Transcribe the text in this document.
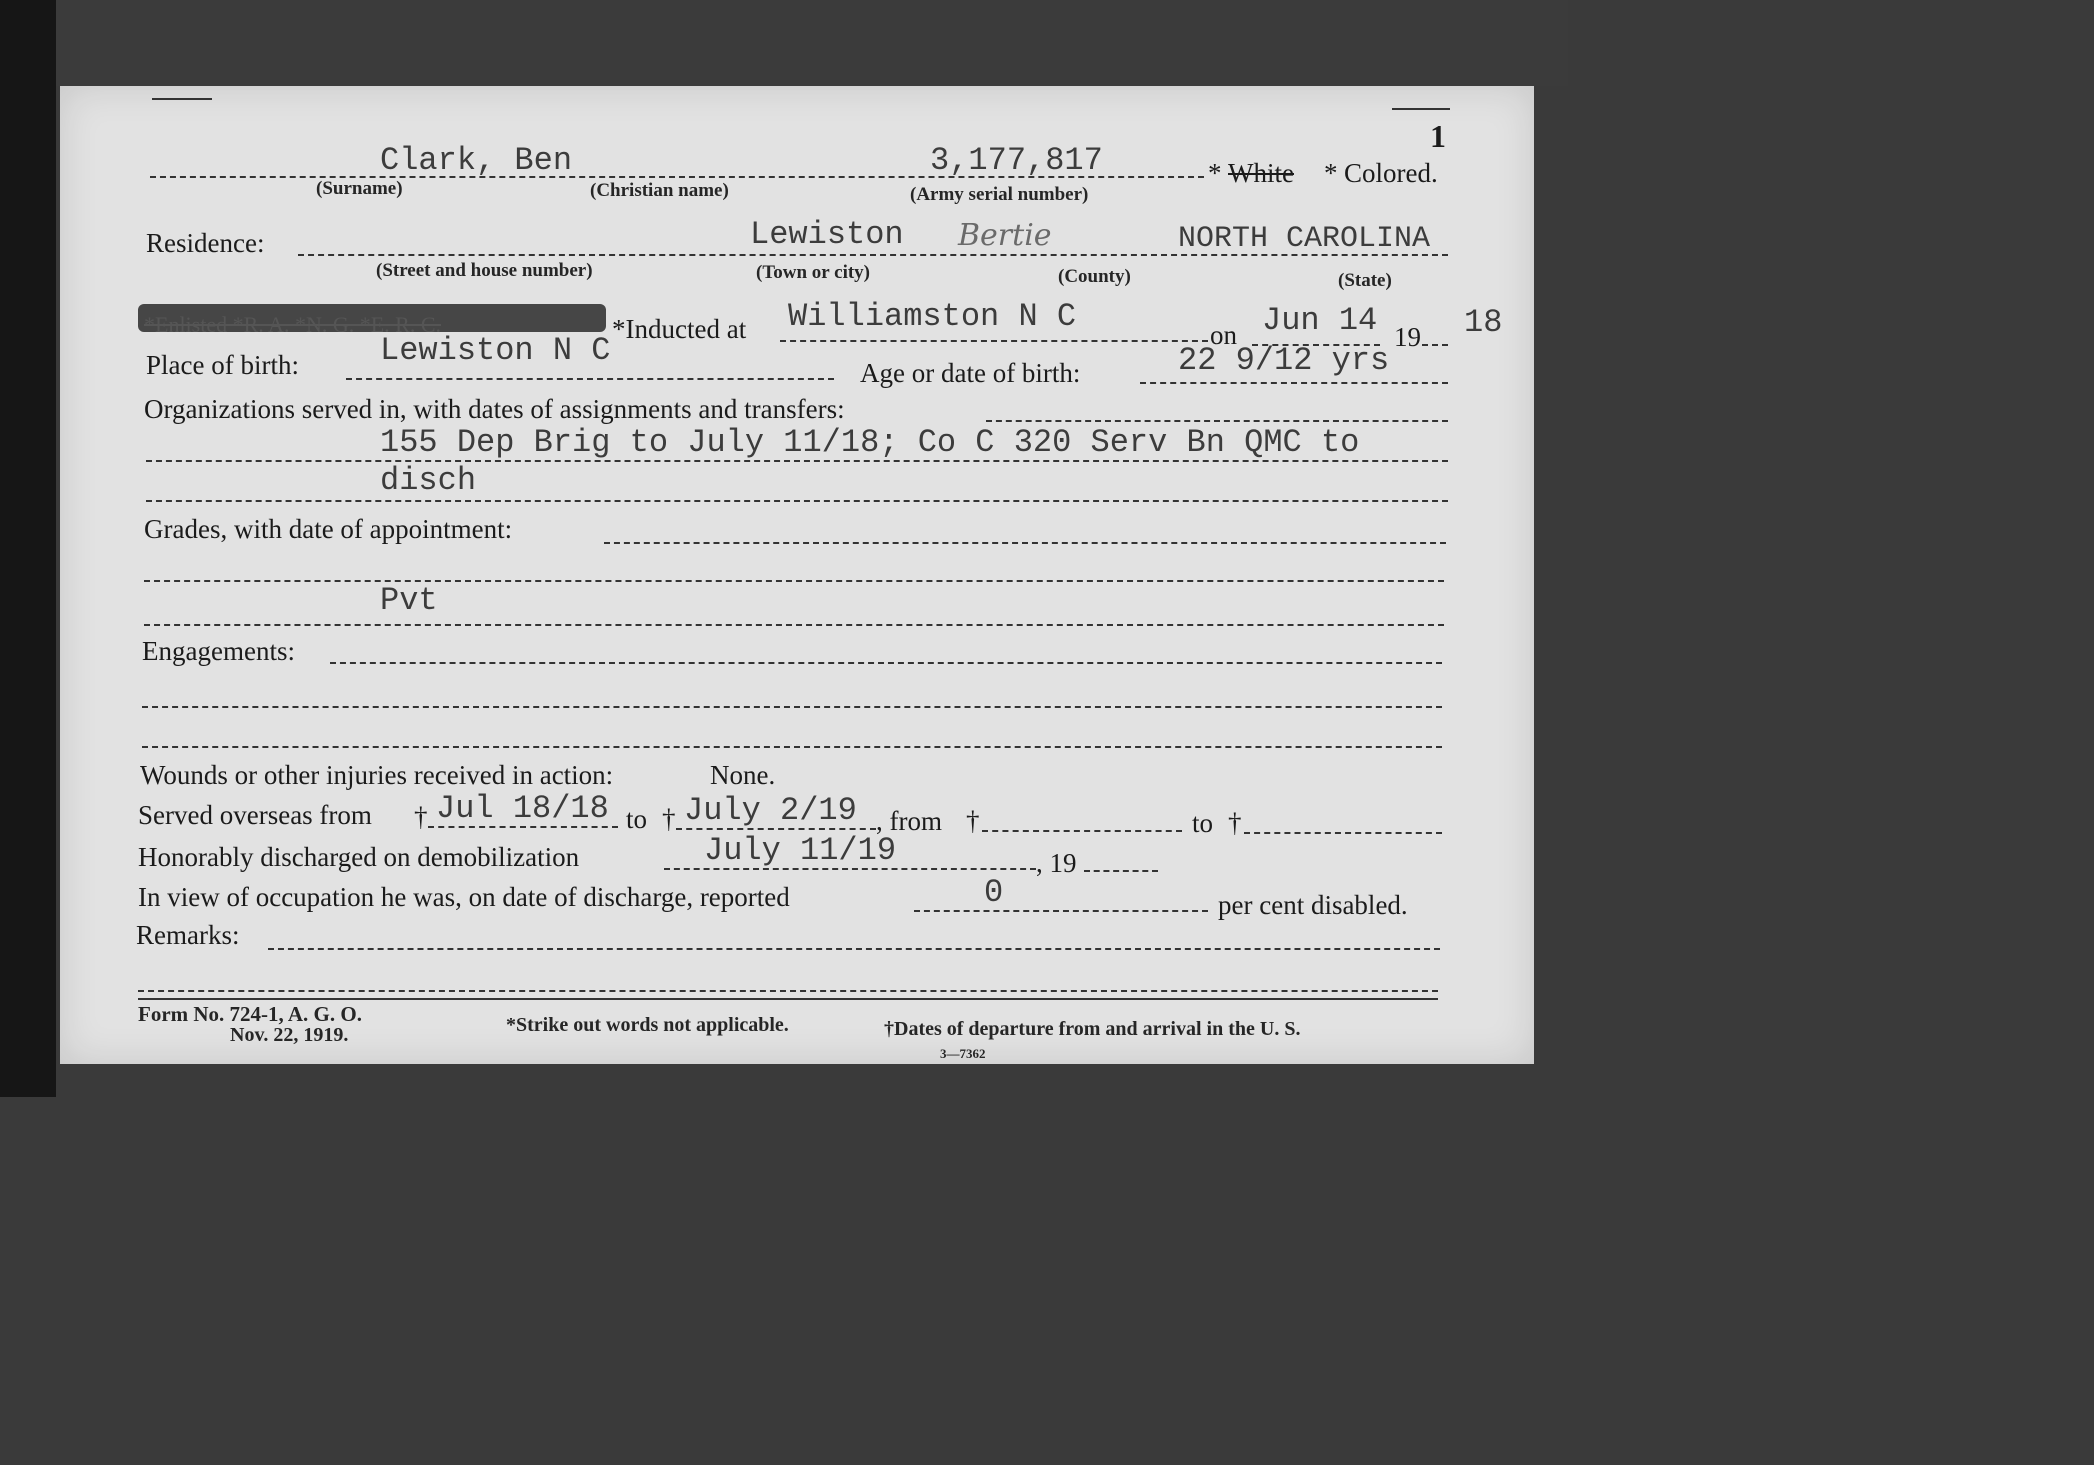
1
Clark, Ben	3,177,817	* White * Colored.
(Surname)	(Christian name)	(Army serial number)
Residence:	Lewiston Bertie	NORTH CAROLINA
(Street and house number)	(Town or city)	(County)	(State)
*Enlisted *R. A. *N. G. *E. R. C.	*Inducted at Williamston N C	on Jun 14 19 18
Place of birth:	Lewiston N C
Age or date of birth:	22 9/12 yrs
Organizations served in, with dates of assignments and transfers:
155 Dep Brig to July 11/18; Co C 320 Serv Bn QMC to
disch
Grades, with date of appointment:
Pvt
Engagements:
Wounds or other injuries received in action:	None.
Served overseas from † Jul 18/18 to † July 2/19 , from †	to †
Honorably discharged on demobilization	July 11/19	, 19
In view of occupation he was, on date of discharge, reported	0	per cent disabled.
Remarks:
Form No. 724-1, A. G. O.
Nov. 22, 1919.	*Strike out words not applicable.	†Dates of departure from and arrival in the U. S.
3—7362
